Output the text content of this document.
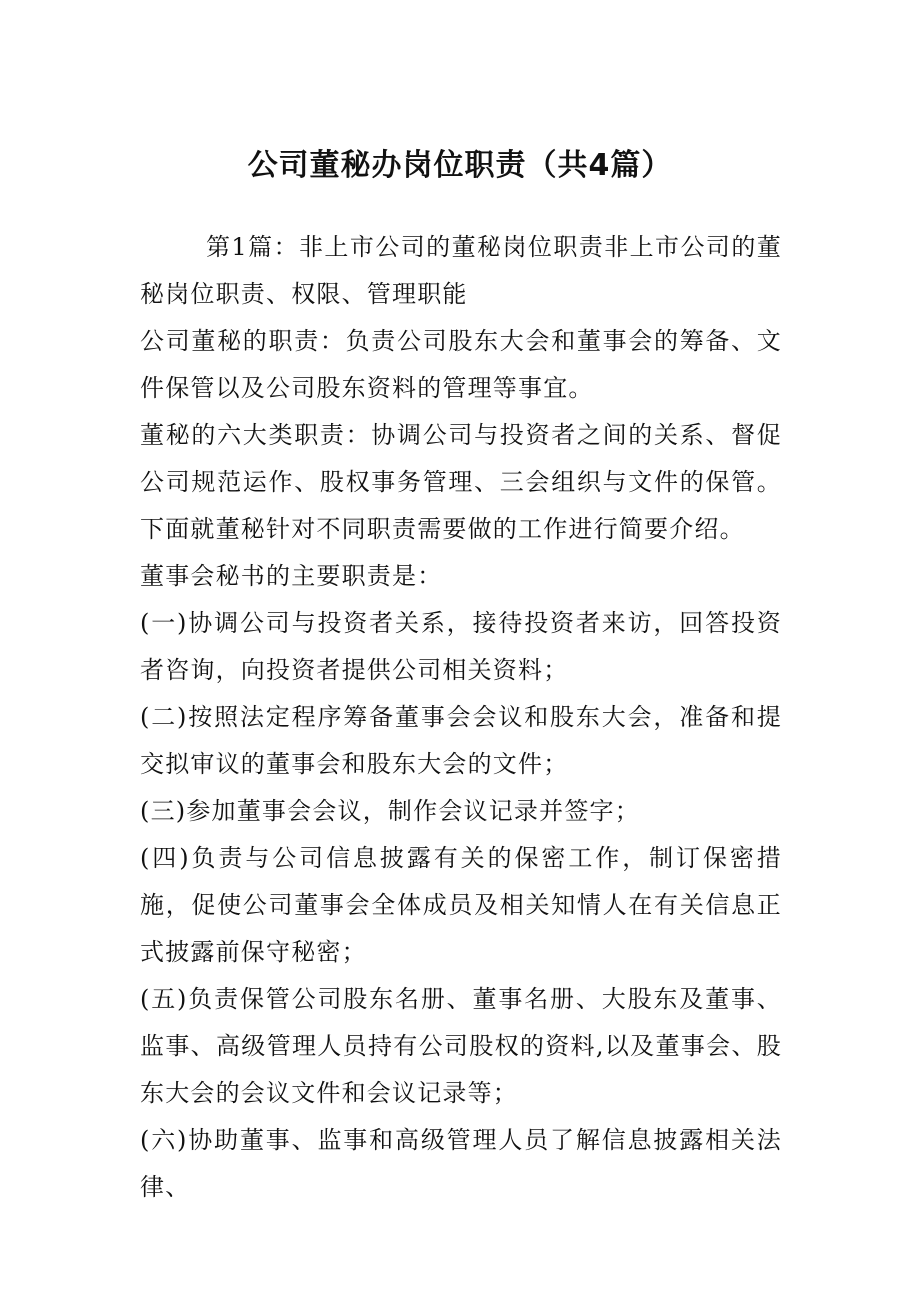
公司董秘办岗位职责（共4篇）

第1篇：非上市公司的董秘岗位职责非上市公司的董秘岗位职责、权限、管理职能

公司董秘的职责：负责公司股东大会和董事会的筹备、文件保管以及公司股东资料的管理等事宜。

董秘的六大类职责：协调公司与投资者之间的关系、督促公司规范运作、股权事务管理、三会组织与文件的保管。下面就董秘针对不同职责需要做的工作进行简要介绍。

董事会秘书的主要职责是：

(一)协调公司与投资者关系，接待投资者来访，回答投资者咨询，向投资者提供公司相关资料；

(二)按照法定程序筹备董事会会议和股东大会，准备和提交拟审议的董事会和股东大会的文件；

(三)参加董事会会议，制作会议记录并签字；

(四)负责与公司信息披露有关的保密工作，制订保密措施，促使公司董事会全体成员及相关知情人在有关信息正式披露前保守秘密；

(五)负责保管公司股东名册、董事名册、大股东及董事、监事、高级管理人员持有公司股权的资料,以及董事会、股东大会的会议文件和会议记录等；

(六)协助董事、监事和高级管理人员了解信息披露相关法律、
